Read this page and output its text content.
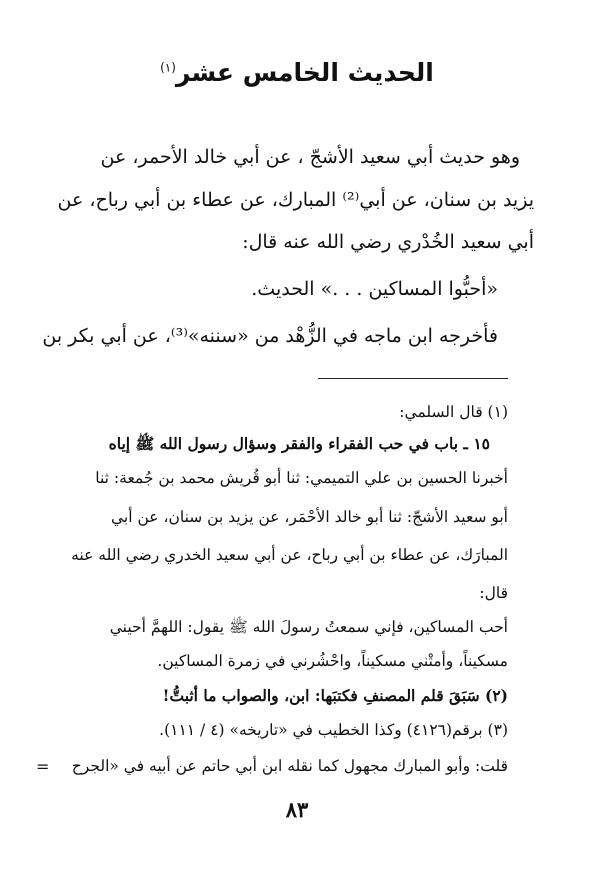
الحديث الخامس عشر$^{(١)}$
وهو حديث أبي سعيد الأشجّ ، عن أبي خالد الأحمر، عن
يزيد بن سنان، عن أبي⁽²⁾ المبارك، عن عطاء بن أبي رباح، عن
أبي سعيد الخُدْري رضي الله عنه قال:
«أحبُّوا المساكين . . .» الحديث.
فأخرجه ابن ماجه في الزُّهْد من «سننه»⁽³⁾، عن أبي بكر بن
(١) قال السلمي:
١٥ ـ باب في حب الفقراء والفقر وسؤال رسول الله ﷺ إياه
أخبرنا الحسين بن علي التميمي: ثنا أبو قُريش محمد بن جُمعة: ثنا
أبو سعيد الأشجّ: ثنا أبو خالد الأحْمَر، عن يزيد بن سنان، عن أبي
المبارَك، عن عطاء بن أبي رباح، عن أبي سعيد الخدري رضي الله عنه
قال:
أحب المساكين، فإني سمعتُ رسولَ الله ﷺ يقول: اللهمَّ أحيني
مسكيناً، وأمتْني مسكيناً، واحْشُرني في زمرة المساكين.
(٢) سَبَقَ قلم المصنفِ فكتبَها: ابن، والصواب ما أثبتُّ!
(٣) برقم(٤١٢٦) وكذا الخطيب في «تاريخه» (٤ / ١١١).
قلت: وأبو المبارك مجهول كما نقله ابن أبي حاتم عن أبيه في «الجرح
=
٨٣
